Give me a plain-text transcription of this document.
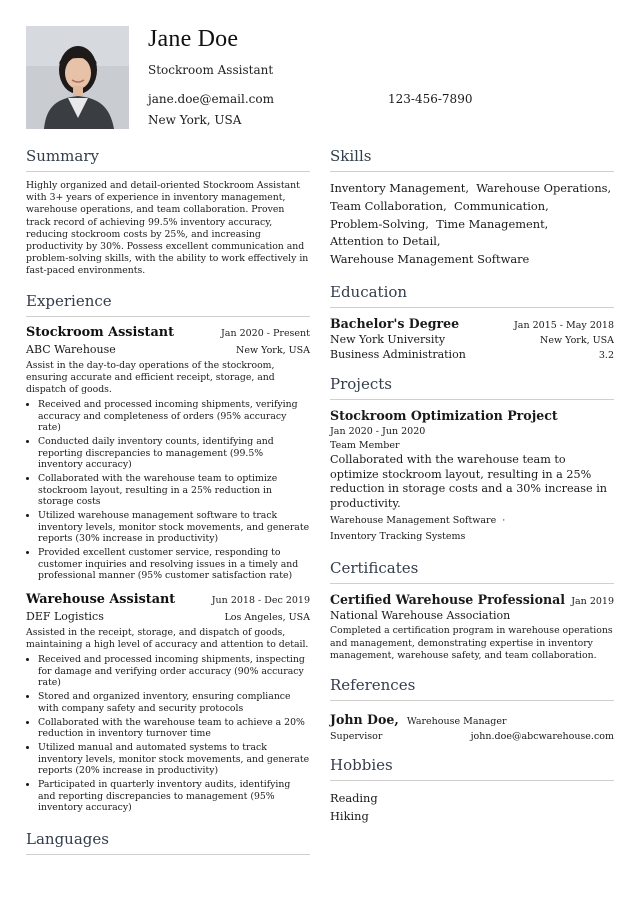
Jane Doe
Stockroom Assistant
jane.doe@email.com	123-456-7890
New York, USA
Summary

Highly organized and detail-oriented Stockroom Assistant with 3+ years of experience in inventory management, warehouse operations, and team collaboration. Proven track record of achieving 99.5% inventory accuracy, reducing stockroom costs by 25%, and increasing productivity by 30%. Possess excellent communication and problem-solving skills, with the ability to work effectively in fast-paced environments.

Experience
Stockroom Assistant	Jan 2020 - Present
ABC Warehouse	New York, USA

Assist in the day-to-day operations of the stockroom, ensuring accurate and efficient receipt, storage, and dispatch of goods.

• Received and processed incoming shipments, verifying accuracy and completeness of orders (95% accuracy rate)
• Conducted daily inventory counts, identifying and reporting discrepancies to management (99.5% inventory accuracy)
• Collaborated with the warehouse team to optimize stockroom layout, resulting in a 25% reduction in storage costs
• Utilized warehouse management software to track inventory levels, monitor stock movements, and generate reports (30% increase in productivity)
• Provided excellent customer service, responding to customer inquiries and resolving issues in a timely and professional manner (95% customer satisfaction rate)
Warehouse Assistant	Jun 2018 - Dec 2019
DEF Logistics	Los Angeles, USA

Assisted in the receipt, storage, and dispatch of goods, maintaining a high level of accuracy and attention to detail.

• Received and processed incoming shipments, inspecting for damage and verifying order accuracy (90% accuracy rate)
• Stored and organized inventory, ensuring compliance with company safety and security protocols
• Collaborated with the warehouse team to achieve a 20% reduction in inventory turnover time
• Utilized manual and automated systems to track inventory levels, monitor stock movements, and generate reports (20% increase in productivity)
• Participated in quarterly inventory audits, identifying and reporting discrepancies to management (95% inventory accuracy)
Languages
Skills
Inventory Management, Warehouse Operations,
Team Collaboration, Communication,
Problem-Solving, Time Management,
Attention to Detail,
Warehouse Management Software
Education
Bachelor's Degree	Jan 2015 - May 2018
New York University	New York, USA
Business Administration	3.2
Projects
Stockroom Optimization Project
Jan 2020 - Jun 2020
Team Member
Collaborated with the warehouse team to optimize stockroom layout, resulting in a 25% reduction in storage costs and a 30% increase in productivity.
Warehouse Management Software ·
Inventory Tracking Systems
Certificates
Certified Warehouse Professional Jan 2019
National Warehouse Association

Completed a certification program in warehouse operations and management, demonstrating expertise in inventory management, warehouse safety, and team collaboration.

References
John Doe, Warehouse Manager
Supervisor	john.doe@abcwarehouse.com
Hobbies
Reading
Hiking
